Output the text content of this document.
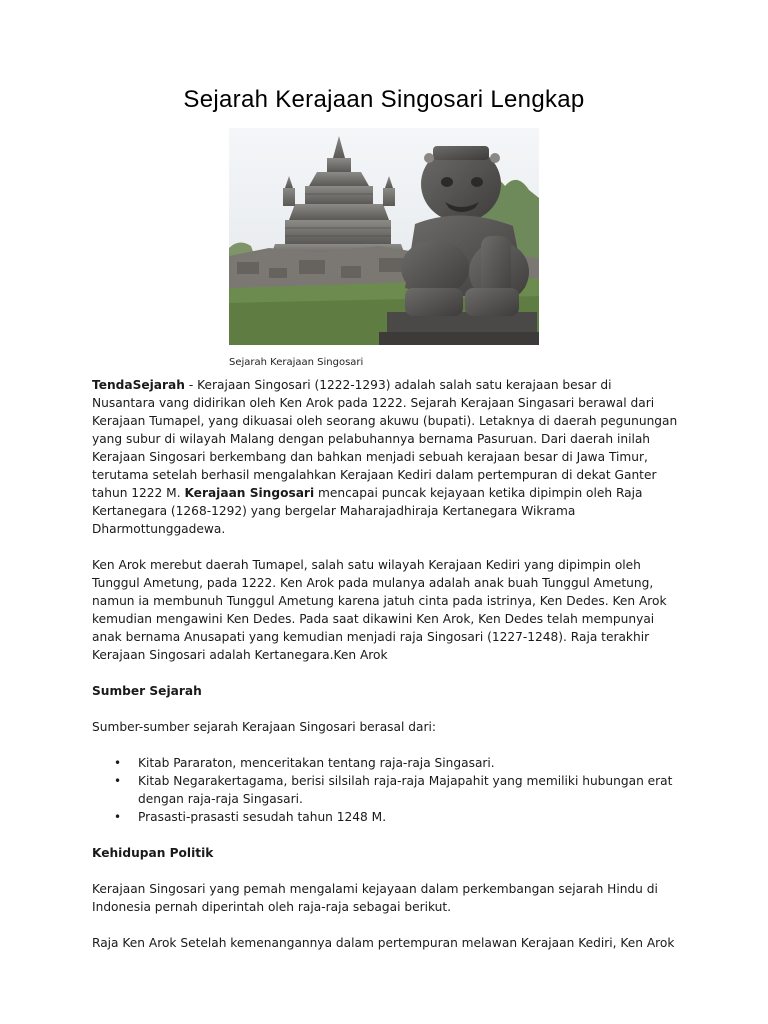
Sejarah Kerajaan Singosari Lengkap
Sejarah Kerajaan Singosari

TendaSejarah - Kerajaan Singosari (1222-1293) adalah salah satu kerajaan besar di Nusantara vang didirikan oleh Ken Arok pada 1222. Sejarah Kerajaan Singasari berawal dari Kerajaan Tumapel, yang dikuasai oleh seorang akuwu (bupati). Letaknya di daerah pegunungan yang subur di wilayah Malang dengan pelabuhannya bernama Pasuruan. Dari daerah inilah Kerajaan Singosari berkembang dan bahkan menjadi sebuah kerajaan besar di Jawa Timur, terutama setelah berhasil mengalahkan Kerajaan Kediri dalam pertempuran di dekat Ganter tahun 1222 M. Kerajaan Singosari mencapai puncak kejayaan ketika dipimpin oleh Raja Kertanegara (1268-1292) yang bergelar Maharajadhiraja Kertanegara Wikrama Dharmottunggadewa.

Ken Arok merebut daerah Tumapel, salah satu wilayah Kerajaan Kediri yang dipimpin oleh Tunggul Ametung, pada 1222. Ken Arok pada mulanya adalah anak buah Tunggul Ametung, namun ia membunuh Tunggul Ametung karena jatuh cinta pada istrinya, Ken Dedes. Ken Arok kemudian mengawini Ken Dedes. Pada saat dikawini Ken Arok, Ken Dedes telah mempunyai anak bernama Anusapati yang kemudian menjadi raja Singosari (1227-1248). Raja terakhir Kerajaan Singosari adalah Kertanegara.Ken Arok

Sumber Sejarah

Sumber-sumber sejarah Kerajaan Singosari berasal dari:

• Kitab Pararaton, menceritakan tentang raja-raja Singasari.
• Kitab Negarakertagama, berisi silsilah raja-raja Majapahit yang memiliki hubungan erat dengan raja-raja Singasari.
• Prasasti-prasasti sesudah tahun 1248 M.

Kehidupan Politik

Kerajaan Singosari yang pemah mengalami kejayaan dalam perkembangan sejarah Hindu di Indonesia pernah diperintah oleh raja-raja sebagai berikut.

Raja Ken Arok Setelah kemenangannya dalam pertempuran melawan Kerajaan Kediri, Ken Arok
